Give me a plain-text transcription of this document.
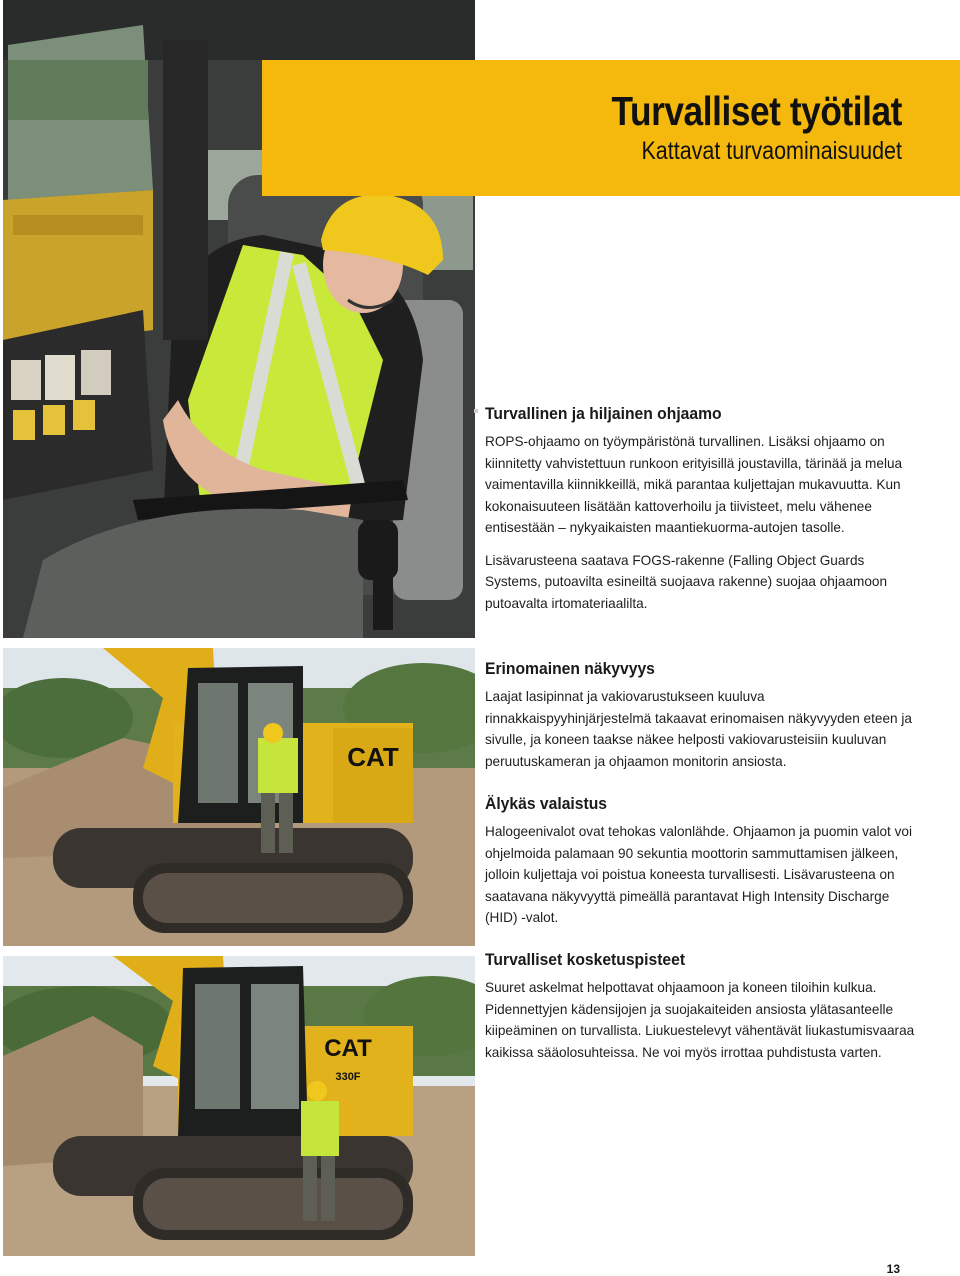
CAT
CAT
330F
Turvalliset työtilat
Kattavat turvaominaisuudet
Turvallinen ja hiljainen ohjaamo

ROPS-ohjaamo on työympäristönä turvallinen. Lisäksi ohjaamo on kiinnitetty vahvistettuun runkoon erityisillä joustavilla, tärinää ja melua vaimentavilla kiinnikkeillä, mikä parantaa kuljettajan mukavuutta. Kun kokonaisuuteen lisätään kattoverhoilu ja tiivisteet, melu vähenee entisestään – nykyaikaisten maantiekuorma-autojen tasolle.

Lisävarusteena saatava FOGS-rakenne (Falling Object Guards Systems, putoavilta esineiltä suojaava rakenne) suojaa ohjaamoon putoavalta irtomateriaalilta.

Erinomainen näkyvyys

Laajat lasipinnat ja vakiovarustukseen kuuluva rinnakkaispyyhinjärjestelmä takaavat erinomaisen näkyvyyden eteen ja sivulle, ja koneen taakse näkee helposti vakiovarusteisiin kuuluvan peruutuskameran ja ohjaamon monitorin ansiosta.

Älykäs valaistus

Halogeenivalot ovat tehokas valonlähde. Ohjaamon ja puomin valot voi ohjelmoida palamaan 90 sekuntia moottorin sammuttamisen jälkeen, jolloin kuljettaja voi poistua koneesta turvallisesti. Lisävarusteena on saatavana näkyvyyttä pimeällä parantavat High Intensity Discharge (HID) -valot.

Turvalliset kosketuspisteet

Suuret askelmat helpottavat ohjaamoon ja koneen tiloihin kulkua. Pidennettyjen kädensijojen ja suojakaiteiden ansiosta ylätasanteelle kiipeäminen on turvallista. Liukuestelevyt vähentävät liukastumisvaaraa kaikissa sääolosuhteissa. Ne voi myös irrottaa puhdistusta varten.

13
